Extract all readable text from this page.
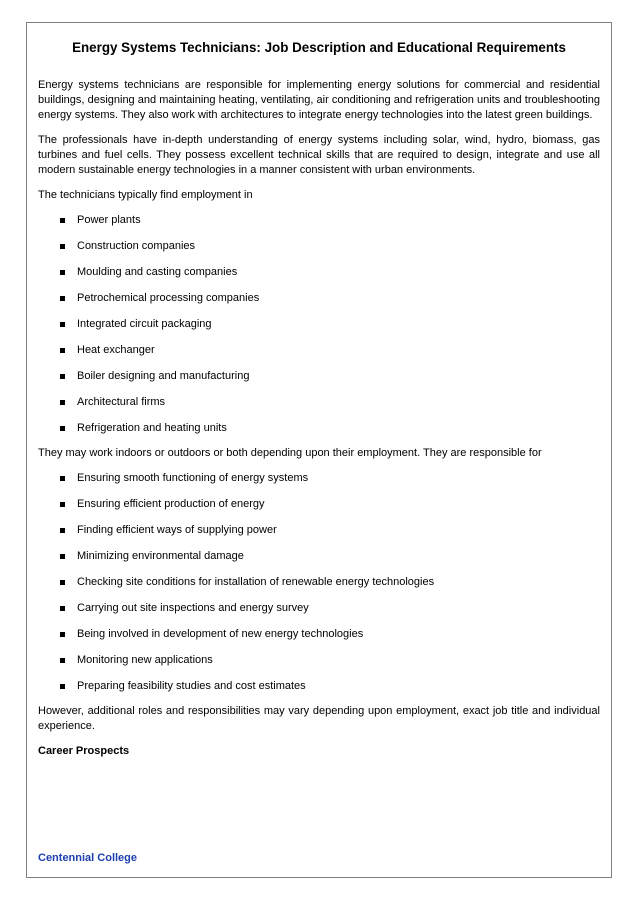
Energy Systems Technicians: Job Description and Educational Requirements

Energy systems technicians are responsible for implementing energy solutions for commercial and residential buildings, designing and maintaining heating, ventilating, air conditioning and refrigeration units and troubleshooting energy systems. They also work with architectures to integrate energy technologies into the latest green buildings.

The professionals have in-depth understanding of energy systems including solar, wind, hydro, biomass, gas turbines and fuel cells. They possess excellent technical skills that are required to design, integrate and use all modern sustainable energy technologies in a manner consistent with urban environments.

The technicians typically find employment in

Power plants
Construction companies
Moulding and casting companies
Petrochemical processing companies
Integrated circuit packaging
Heat exchanger
Boiler designing and manufacturing
Architectural firms
Refrigeration and heating units

They may work indoors or outdoors or both depending upon their employment. They are responsible for

Ensuring smooth functioning of energy systems
Ensuring efficient production of energy
Finding efficient ways of supplying power
Minimizing environmental damage
Checking site conditions for installation of renewable energy technologies
Carrying out site inspections and energy survey
Being involved in development of new energy technologies
Monitoring new applications
Preparing feasibility studies and cost estimates

However, additional roles and responsibilities may vary depending upon employment, exact job title and individual experience.

Career Prospects

Centennial College
